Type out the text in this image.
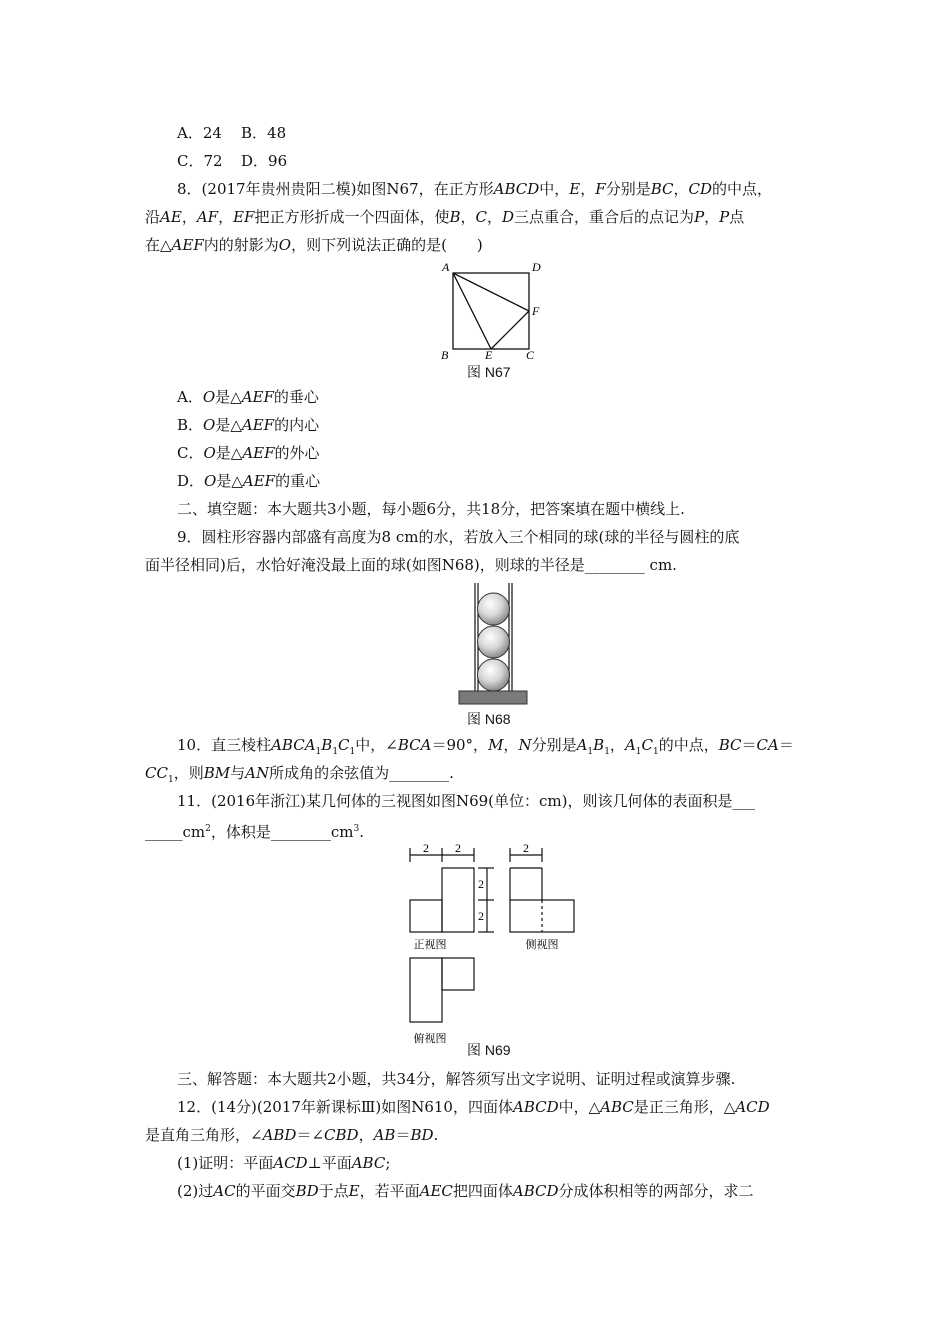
A．24 B．48
C．72 D．96
8．(2017年贵州贵阳二模)如图N67，在正方形ABCD中，E，F分别是BC，CD的中点，
沿AE，AF，EF把正方形折成一个四面体，使B，C，D三点重合，重合后的点记为P，P点
在△AEF内的射影为O，则下列说法正确的是(　　)
A	D
F
B	E	C
图 N67
A．O是△AEF的垂心
B．O是△AEF的内心
C．O是△AEF的外心
D．O是△AEF的重心
二、填空题：本大题共3小题，每小题6分，共18分，把答案填在题中横线上.
9．圆柱形容器内部盛有高度为8 cm的水，若放入三个相同的球(球的半径与圆柱的底
面半径相同)后，水恰好淹没最上面的球(如图N68)，则球的半径是________ cm.
图 N68
10．直三棱柱$ABCA_1B_1C_1$中，∠BCA＝90°，M，N分别是$A_1B_1$，$A_1C_1$的中点，BC＝CA＝
$CC_1$，则BM与AN所成角的余弦值为________.
11．(2016年浙江)某几何体的三视图如图N69(单位：cm)，则该几何体的表面积是___
$\_\_\_\_\_cm^2$，体积是$\_\_\_\_\_\_\_\_cm^3$.
2 2	2
2
2
正视图	侧视图
俯视图
图 N69
三、解答题：本大题共2小题，共34分，解答须写出文字说明、证明过程或演算步骤.
12．(14分)(2017年新课标Ⅲ)如图N610，四面体ABCD中，△ABC是正三角形，△ACD
是直角三角形，∠ABD＝∠CBD，AB＝BD.
(1)证明：平面ACD⊥平面ABC;
(2)过AC的平面交BD于点E，若平面AEC把四面体ABCD分成体积相等的两部分，求二
